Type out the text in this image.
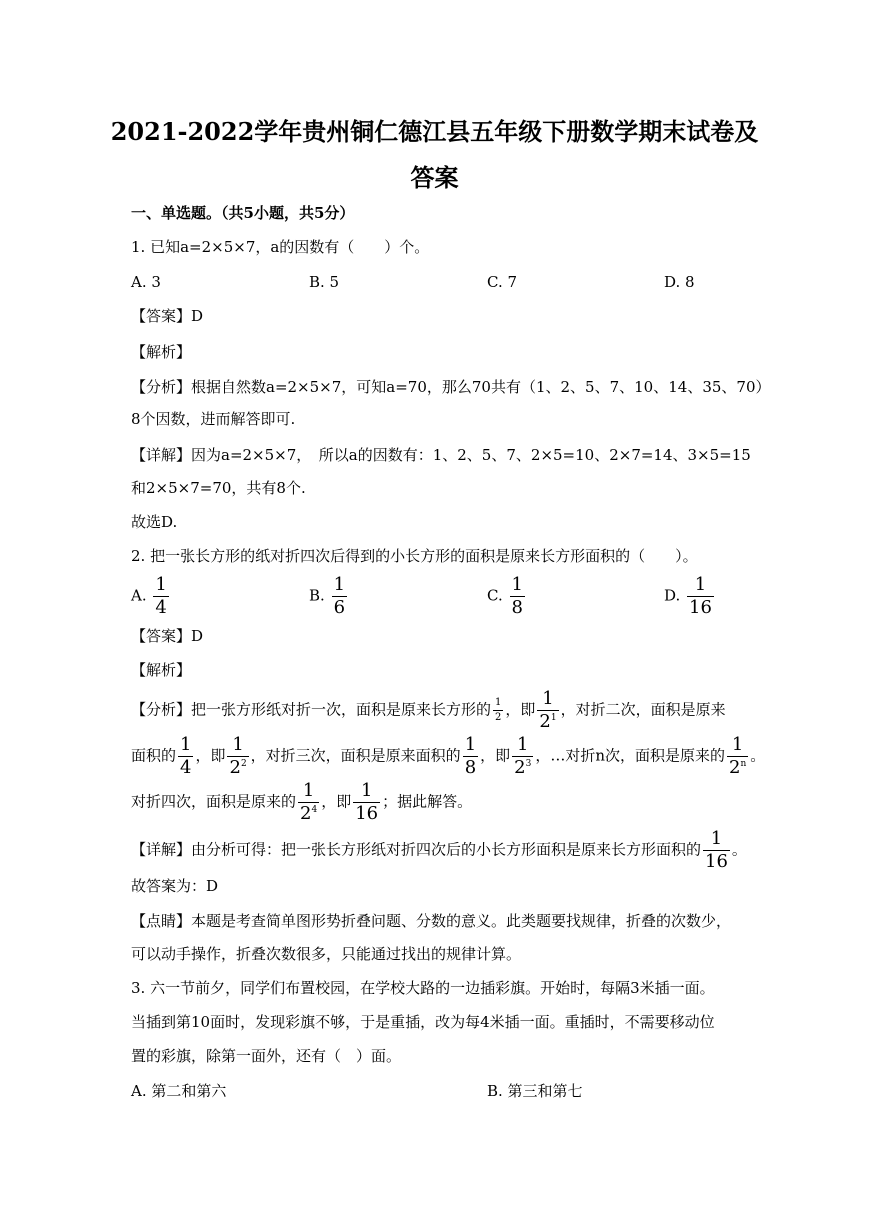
2021-2022学年贵州铜仁德江县五年级下册数学期末试卷及
答案
一、单选题。（共5小题，共5分）
1. 已知a=2×5×7，a的因数有（　　）个。
A. 3	B. 5	C. 7	D. 8
【答案】D
【解析】
【分析】根据自然数a=2×5×7，可知a=70，那么70共有（1、2、5、7、10、14、35、70）
8个因数，进而解答即可.
【详解】因为a=2×5×7，　所以a的因数有：1、2、5、7、2×5=10、2×7=14、3×5=15
和2×5×7=70，共有8个.
故选D.
2. 把一张长方形的纸对折四次后得到的小长方形的面积是原来长方形面积的（　　）。
A. $\frac{1}{4}$	B. $\frac{1}{6}$	C. $\frac{1}{8}$	D. $\frac{1}{16}$
【答案】D
【解析】
【分析】把一张方形纸对折一次，面积是原来长方形的 $\frac{1}{2}$ ，即 $\frac{1}{2^1}$ ，对折二次，面积是原来
面积的 $\frac{1}{4}$ ，即 $\frac{1}{2^2}$ ，对折三次，面积是原来面积的 $\frac{1}{8}$ ，即 $\frac{1}{2^3}$ ，…对折n次，面积是原来的 $\frac{1}{2^n}$ 。
对折四次，面积是原来的 $\frac{1}{2^4}$ ，即 $\frac{1}{16}$ ；据此解答。
【详解】由分析可得：把一张长方形纸对折四次后的小长方形面积是原来长方形面积的 $\frac{1}{16}$ 。
故答案为：D
【点睛】本题是考查简单图形势折叠问题、分数的意义。此类题要找规律，折叠的次数少，
可以动手操作，折叠次数很多，只能通过找出的规律计算。
3. 六一节前夕，同学们布置校园，在学校大路的一边插彩旗。开始时，每隔3米插一面。
当插到第10面时，发现彩旗不够，于是重插，改为每4米插一面。重插时，不需要移动位
置的彩旗，除第一面外，还有（　）面。
A. 第二和第六	B. 第三和第七
